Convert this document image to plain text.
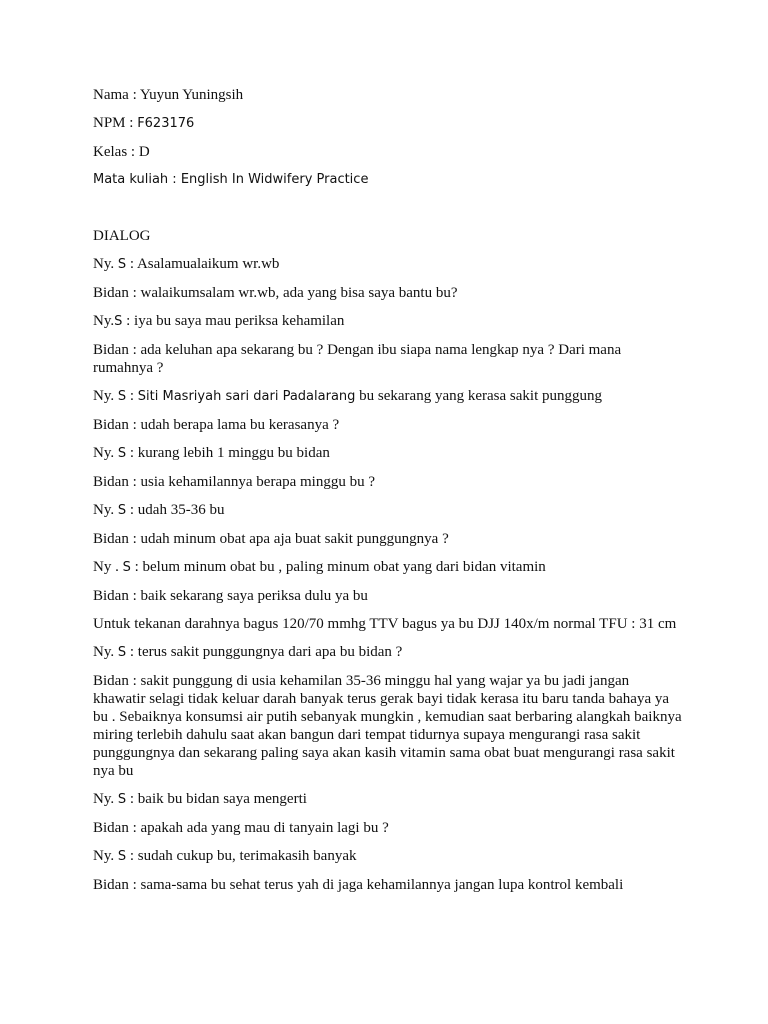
Nama : Yuyun Yuningsih

NPM : F623176

Kelas : D

Mata kuliah : English In Widwifery Practice

DIALOG

Ny. S : Asalamualaikum wr.wb

Bidan : walaikumsalam wr.wb, ada yang bisa saya bantu bu?

Ny.S : iya bu saya mau periksa kehamilan

Bidan : ada keluhan apa sekarang bu ? Dengan ibu siapa nama lengkap nya ? Dari mana rumahnya ?

Ny. S : Siti Masriyah sari dari Padalarang bu sekarang yang kerasa sakit punggung

Bidan : udah berapa lama bu kerasanya ?

Ny. S : kurang lebih 1 minggu bu bidan

Bidan : usia kehamilannya berapa minggu bu ?

Ny. S : udah 35-36 bu

Bidan : udah minum obat apa aja buat sakit punggungnya ?

Ny . S : belum minum obat bu , paling minum obat yang dari bidan vitamin

Bidan : baik sekarang saya periksa dulu ya bu

Untuk tekanan darahnya bagus 120/70 mmhg TTV bagus ya bu DJJ 140x/m normal TFU : 31 cm

Ny. S : terus sakit punggungnya dari apa bu bidan ?

Bidan : sakit punggung di usia kehamilan 35-36 minggu hal yang wajar ya bu jadi jangan khawatir selagi tidak keluar darah banyak terus gerak bayi tidak kerasa itu baru tanda bahaya ya bu . Sebaiknya konsumsi air putih sebanyak mungkin , kemudian saat berbaring alangkah baiknya miring terlebih dahulu saat akan bangun dari tempat tidurnya supaya mengurangi rasa sakit punggungnya dan sekarang paling saya akan kasih vitamin sama obat buat mengurangi rasa sakit nya bu

Ny. S : baik bu bidan saya mengerti

Bidan : apakah ada yang mau di tanyain lagi bu ?

Ny. S : sudah cukup bu, terimakasih banyak

Bidan : sama-sama bu sehat terus yah di jaga kehamilannya jangan lupa kontrol kembali
